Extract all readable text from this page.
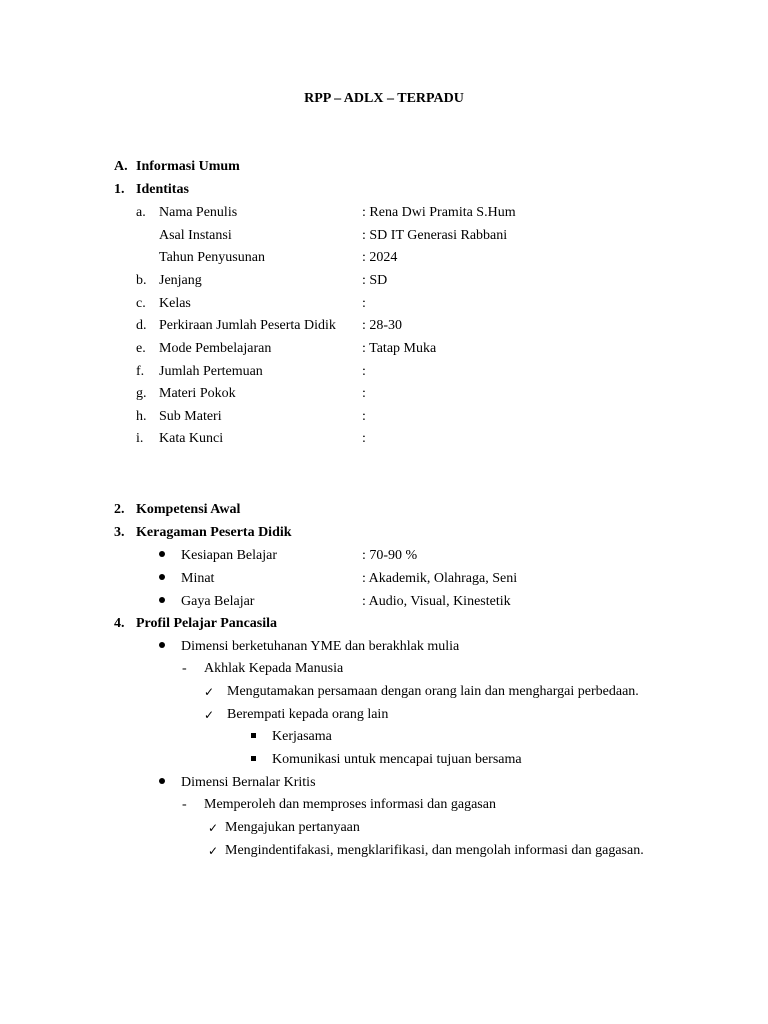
RPP – ADLX – TERPADU
A. Informasi Umum
1. Identitas
a. Nama Penulis	: Rena Dwi Pramita S.Hum
Asal Instansi	: SD IT Generasi Rabbani
Tahun Penyusunan	: 2024
b. Jenjang	: SD
c. Kelas	:
d. Perkiraan Jumlah Peserta Didik : 28-30
e. Mode Pembelajaran	: Tatap Muka
f. Jumlah Pertemuan	:
g. Materi Pokok	:
h. Sub Materi	:
i. Kata Kunci	:
2. Kompetensi Awal
3. Keragaman Peserta Didik
Kesiapan Belajar	: 70-90 %
Minat	: Akademik, Olahraga, Seni
Gaya Belajar	: Audio, Visual, Kinestetik
4. Profil Pelajar Pancasila
Dimensi berketuhanan YME dan berakhlak mulia
- Akhlak Kepada Manusia
✓ Mengutamakan persamaan dengan orang lain dan menghargai perbedaan.
✓ Berempati kepada orang lain
Kerjasama
Komunikasi untuk mencapai tujuan bersama
Dimensi Bernalar Kritis
- Memperoleh dan memproses informasi dan gagasan
✓ Mengajukan pertanyaan
✓ Mengindentifakasi, mengklarifikasi, dan mengolah informasi dan gagasan.
